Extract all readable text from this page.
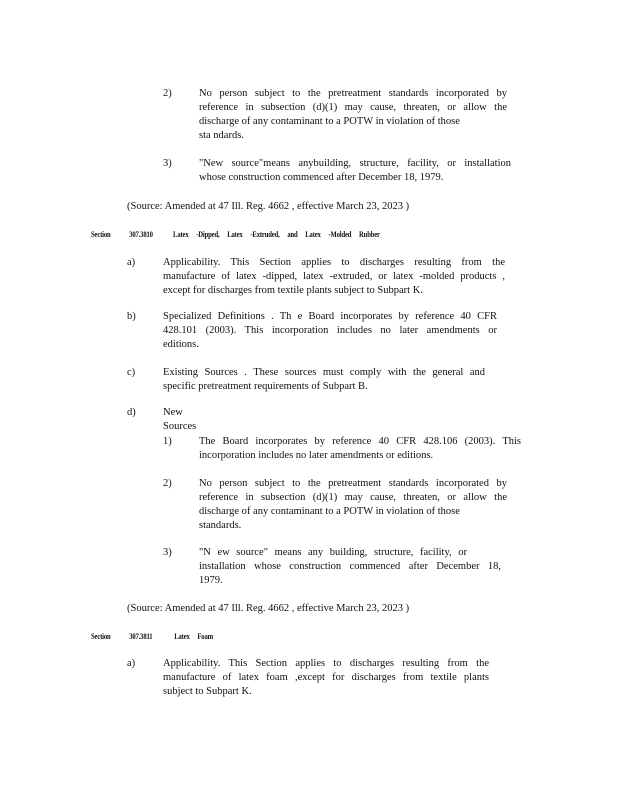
2)	No person subject to the pretreatment standards incorporated by
reference in subsection (d)(1) may cause, threaten, or allow the
discharge of any contaminant to a POTW in violation of those
sta ndards.
3)	"New source"means anybuilding, structure, facility, or installation
whose construction commenced after December 18, 1979.
(Source: Amended at 47 Ill. Reg. 4662 , effective March 23, 2023 )
Section 307.3810 Latex -Dipped, Latex -Extruded, and Latex -Molded Rubber
a)	Applicability. This Section applies to discharges resulting from the
manufacture of latex -dipped, latex -extruded, or latex -molded products ,
except for discharges from textile plants subject to Subpart K.
b)	Specialized Definitions . Th e Board incorporates by reference 40 CFR
428.101 (2003). This incorporation includes no later amendments or
editions.
c)	Existing Sources . These sources must comply with the general and
specific pretreatment requirements of Subpart B.
d)	New Sources
1)	The Board incorporates by reference 40 CFR 428.106 (2003). This
incorporation includes no later amendments or editions.
2)	No person subject to the pretreatment standards incorporated by
reference in subsection (d)(1) may cause, threaten, or allow the
discharge of any contaminant to a POTW in violation of those
standards.
3)	"N ew source" means any building, structure, facility, or
installation whose construction commenced after December 18,
1979.
(Source: Amended at 47 Ill. Reg. 4662 , effective March 23, 2023 )
Section 307.3811	Latex Foam
a)	Applicability. This Section applies to discharges resulting from the
manufacture of latex foam ,except for discharges from textile plants
subject to Subpart K.
